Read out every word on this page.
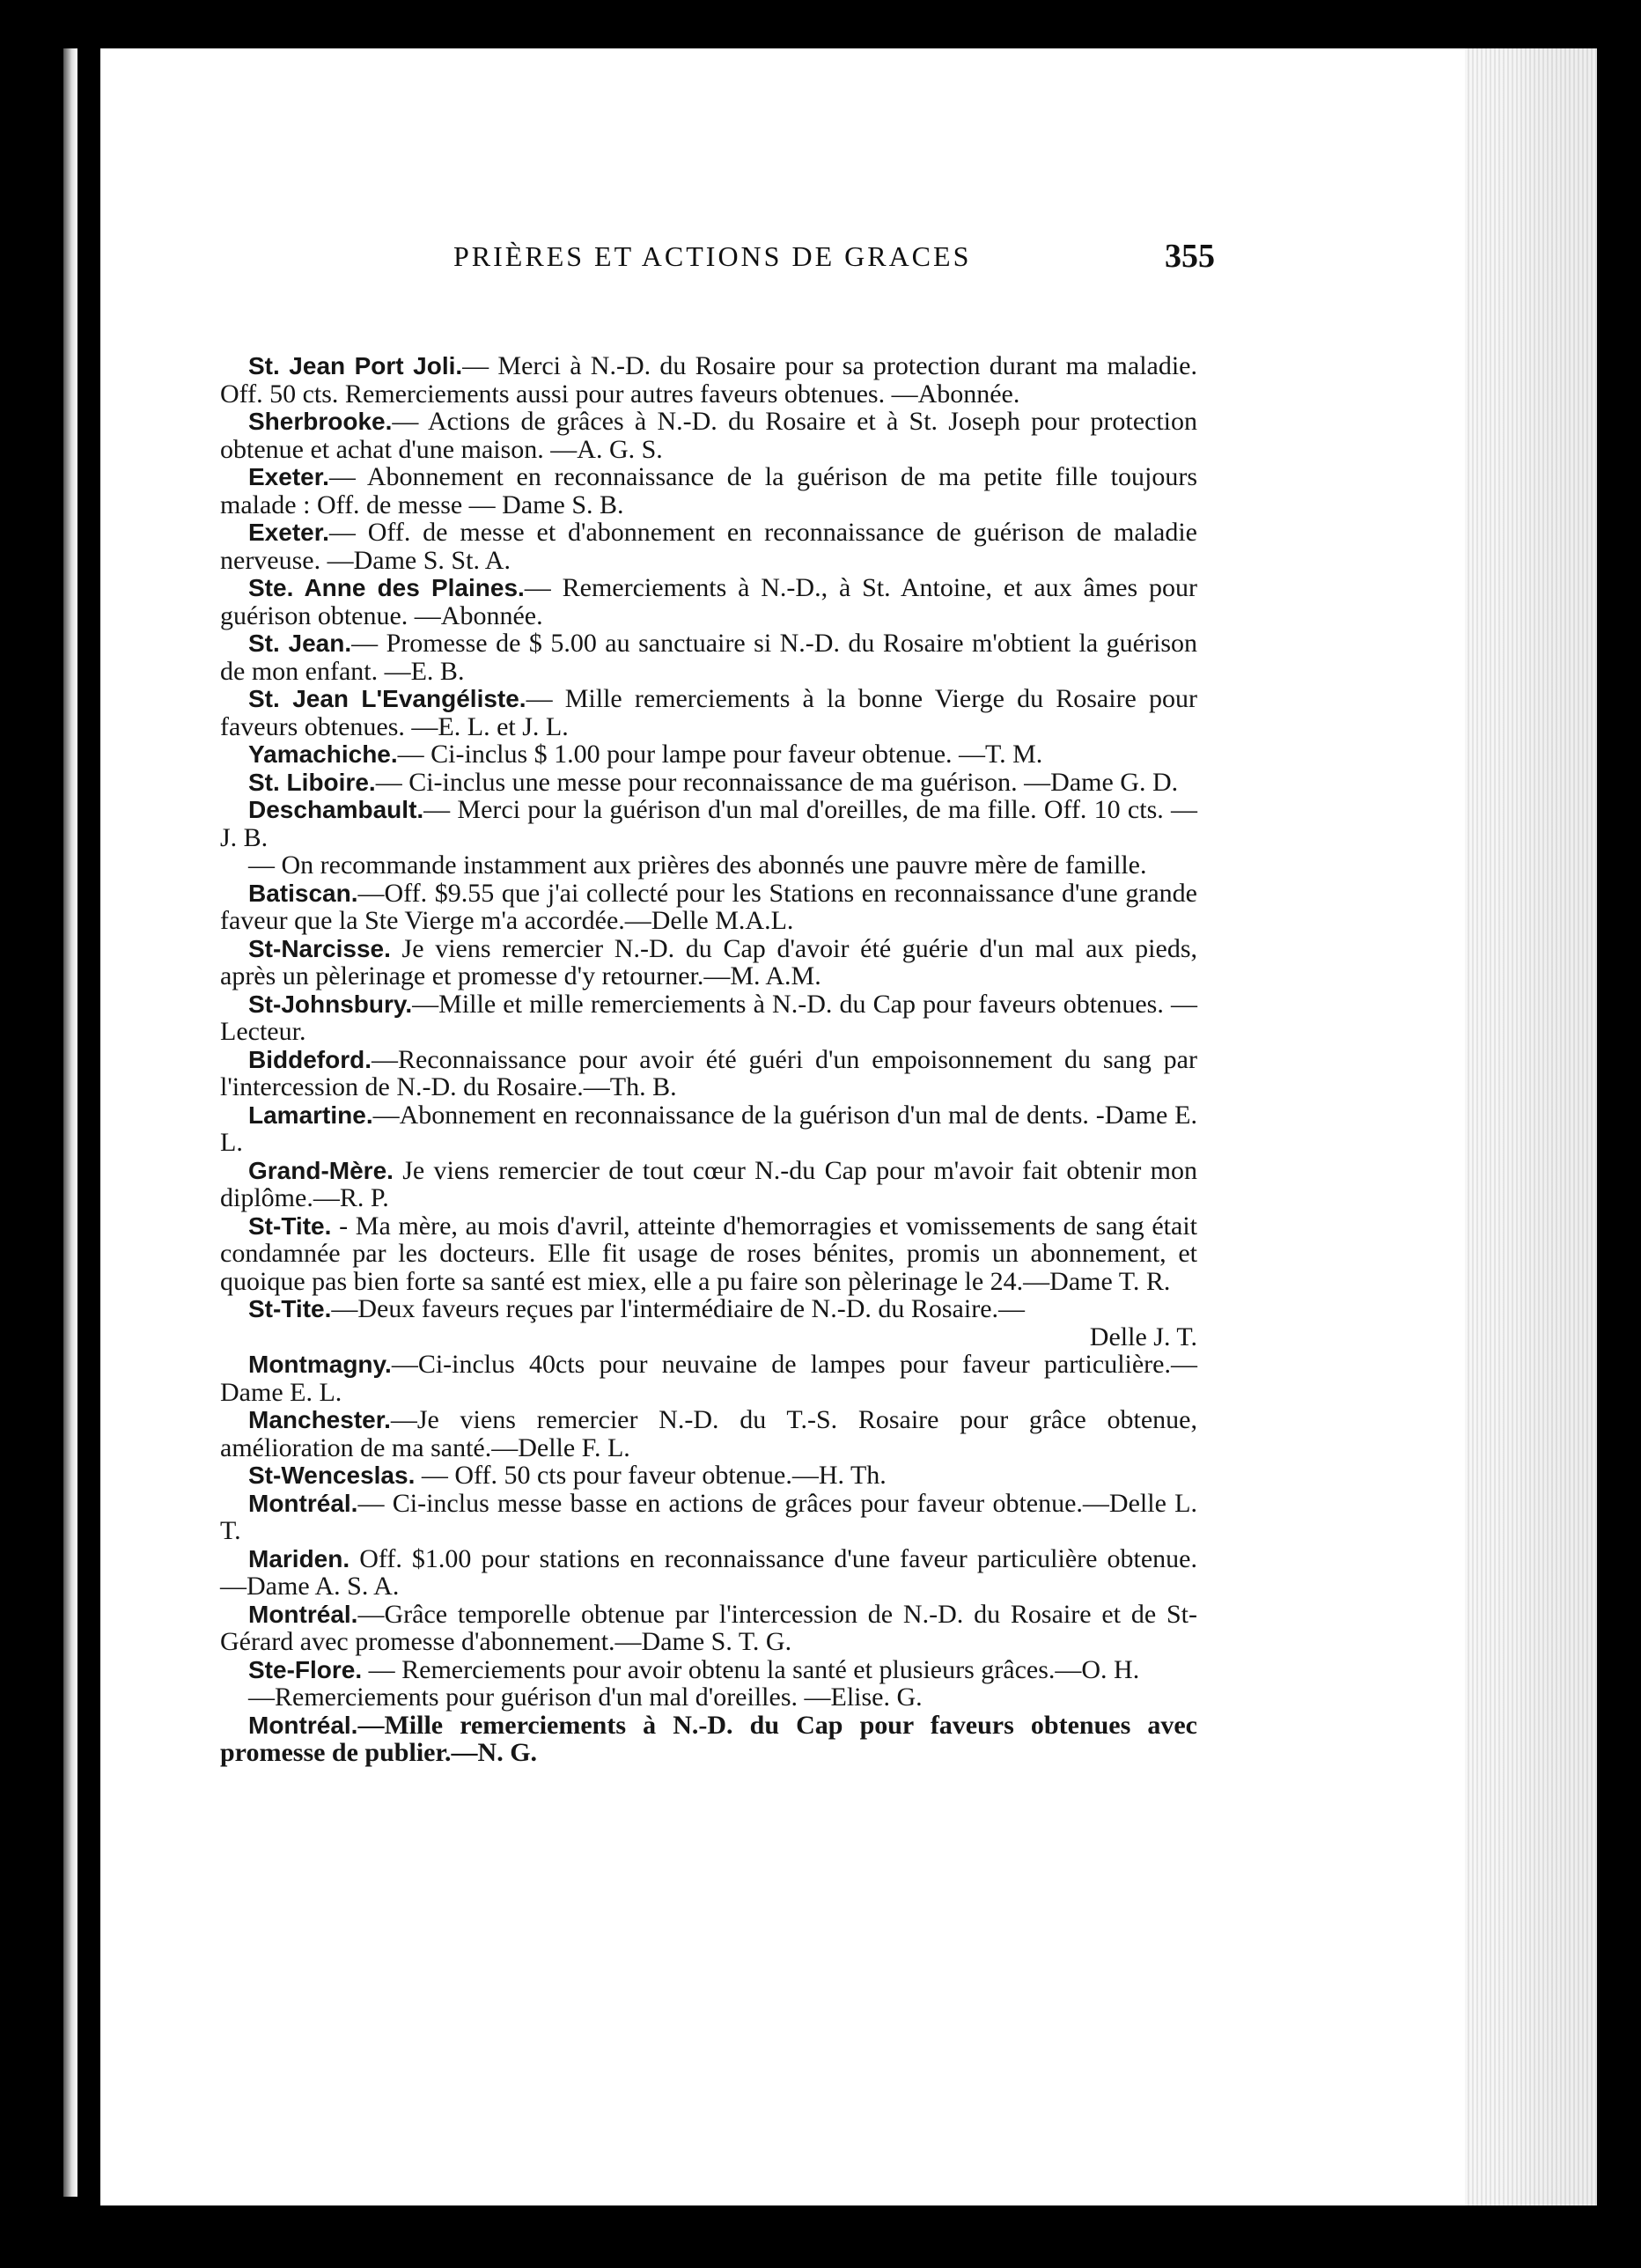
PRIÈRES ET ACTIONS DE GRACES	355

St. Jean Port Joli.— Merci à N.-D. du Rosaire pour sa protection durant ma maladie. Off. 50 cts. Remerciements aussi pour autres faveurs obtenues. —Abonnée.

Sherbrooke.— Actions de grâces à N.-D. du Rosaire et à St. Joseph pour protection obtenue et achat d'une maison. —A. G. S.

Exeter.— Abonnement en reconnaissance de la guérison de ma petite fille toujours malade : Off. de messe — Dame S. B.

Exeter.— Off. de messe et d'abonnement en reconnaissance de guérison de maladie nerveuse. —Dame S. St. A.

Ste. Anne des Plaines.— Remerciements à N.-D., à St. Antoine, et aux âmes pour guérison obtenue. —Abonnée.

St. Jean.— Promesse de $ 5.00 au sanctuaire si N.-D. du Rosaire m'obtient la guérison de mon enfant. —E. B.

St. Jean L'Evangéliste.— Mille remerciements à la bonne Vierge du Rosaire pour faveurs obtenues. —E. L. et J. L.

Yamachiche.— Ci-inclus $ 1.00 pour lampe pour faveur obtenue. —T. M.

St. Liboire.— Ci-inclus une messe pour reconnaissance de ma guérison. —Dame G. D.

Deschambault.— Merci pour la guérison d'un mal d'oreilles, de ma fille. Off. 10 cts. —J. B.

— On recommande instamment aux prières des abonnés une pauvre mère de famille.

Batiscan.—Off. $9.55 que j'ai collecté pour les Stations en reconnaissance d'une grande faveur que la Ste Vierge m'a accordée.—Delle M.A.L.

St-Narcisse. Je viens remercier N.-D. du Cap d'avoir été guérie d'un mal aux pieds, après un pèlerinage et promesse d'y retourner.—M. A.M.

St-Johnsbury.—Mille et mille remerciements à N.-D. du Cap pour faveurs obtenues. —Lecteur.

Biddeford.—Reconnaissance pour avoir été guéri d'un empoisonnement du sang par l'intercession de N.-D. du Rosaire.—Th. B.

Lamartine.—Abonnement en reconnaissance de la guérison d'un mal de dents. -Dame E. L.

Grand-Mère. Je viens remercier de tout cœur N.-du Cap pour m'avoir fait obtenir mon diplôme.—R. P.

St-Tite. - Ma mère, au mois d'avril, atteinte d'hemorragies et vomissements de sang était condamnée par les docteurs. Elle fit usage de roses bénites, promis un abonnement, et quoique pas bien forte sa santé est miex, elle a pu faire son pèlerinage le 24.—Dame T. R.

St-Tite.—Deux faveurs reçues par l'intermédiaire de N.-D. du Rosaire.—

Delle J. T.

Montmagny.—Ci-inclus 40cts pour neuvaine de lampes pour faveur particulière.—Dame E. L.

Manchester.—Je viens remercier N.-D. du T.-S. Rosaire pour grâce obtenue, amélioration de ma santé.—Delle F. L.

St-Wenceslas. — Off. 50 cts pour faveur obtenue.—H. Th.

Montréal.— Ci-inclus messe basse en actions de grâces pour faveur obtenue.—Delle L. T.

Mariden. Off. $1.00 pour stations en reconnaissance d'une faveur particulière obtenue. —Dame A. S. A.

Montréal.—Grâce temporelle obtenue par l'intercession de N.-D. du Rosaire et de St-Gérard avec promesse d'abonnement.—Dame S. T. G.

Ste-Flore. — Remerciements pour avoir obtenu la santé et plusieurs grâces.—O. H.

—Remerciements pour guérison d'un mal d'oreilles. —Elise. G.

Montréal.—Mille remerciements à N.-D. du Cap pour faveurs obtenues avec promesse de publier.—N. G.
